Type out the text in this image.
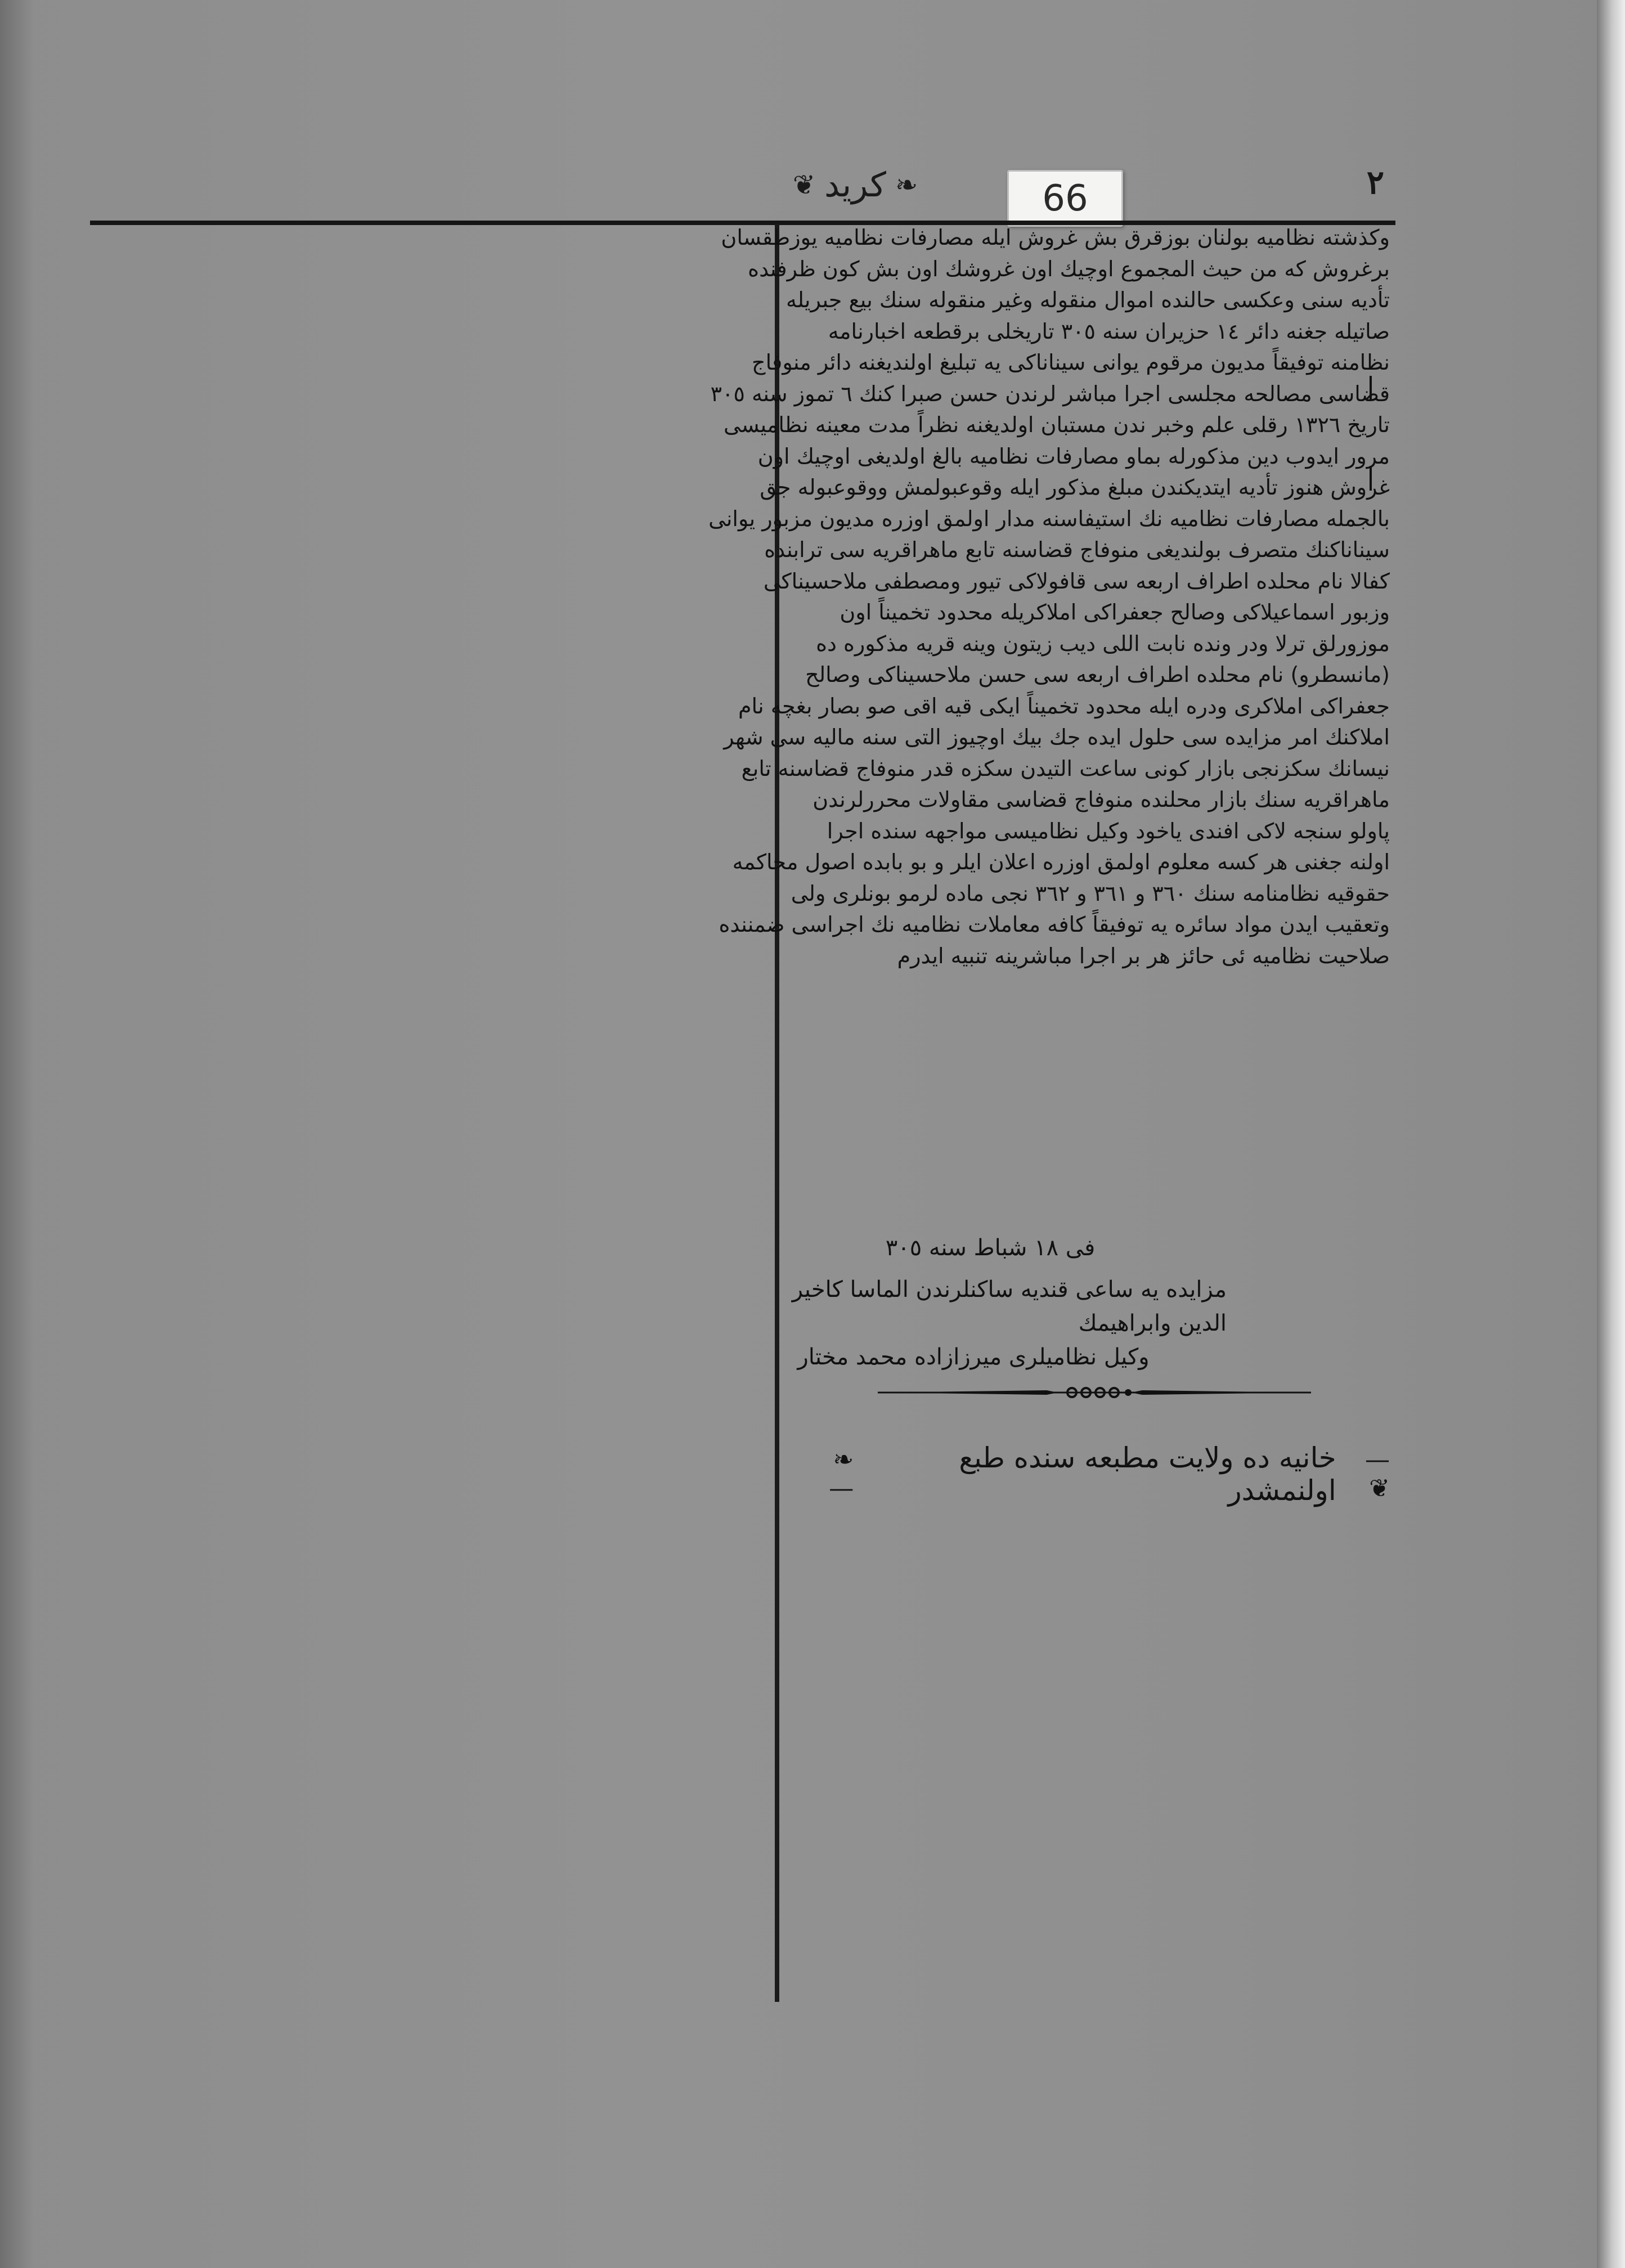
❦ كريد ❧	٢
66
وكذشته نظاميه بولنان بوزقرق بش غروش ايله مصارفات نظاميه يوزطقسان
برغروش كه من حيث المجموع اوچيك اون غروشك اون بش كون ظرفنده
تأديه سنى وعكسى حالنده اموال منقوله وغير منقوله سنك بيع جبريله
صاتيله جغنه دائر ١٤ حزيران سنه ٣٠٥ تاريخلى برقطعه اخبارنامه
نظامنه توفيقاً مديون مرقوم يوانى سيناناكى يه تبليغ اولنديغنه دائر منوفاج
قضاسى مصالحه مجلسى اجرا مباشر لرندن حسن صبرا كنك ٦ تموز سنه ٣٠٥
تاريخ ١٣٢٦ رقلى علم وخبر ندن مستبان اولديغنه نظراً مدت معينه نظاميسى
مرور ايدوب دين مذكورله بماو مصارفات نظاميه بالغ اولديغى اوچيك اون
غروش هنوز تأديه ايتديكندن مبلغ مذكور ايله وقوعبولمش ووقوعبوله جق
بالجمله مصارفات نظاميه نك استيفاسنه مدار اولمق اوزره مديون مزبور يوانى
سيناناكنك متصرف بولنديغى منوفاج قضاسنه تابع ماهراقريه سى ترابنده
كفالا نام محلده اطراف اربعه سى قافولاكى تيور ومصطفى ملاحسيناكى
وزبور اسماعيلاكى وصالح جعفراكى املاكريله محدود تخميناً اون
موزورلق ترلا ودر ونده نابت اللى ديب زيتون وينه قريه مذكوره ده
(مانسطرو) نام محلده اطراف اربعه سى حسن ملاحسيناكى وصالح
جعفراكى املاكرى ودره ايله محدود تخميناً ايكى قيه اقى صو بصار بغچه نام
املاكنك امر مزايده سى حلول ايده جك بيك اوچيوز التى سنه ماليه سى شهر
نيسانك سكزنجى بازار كونى ساعت التيدن سكزه قدر منوفاج قضاسنه تابع
ماهراقريه سنك بازار محلنده منوفاج قضاسى مقاولات محررلرندن
پاولو سنجه لاكى افندى ياخود وكيل نظاميسى مواجهه سنده اجرا
اولنه جغنى هر كسه معلوم اولمق اوزره اعلان ايلر و بو بابده اصول محاكمه
حقوقيه نظامنامه سنك ٣٦٠ و ٣٦١ و ٣٦٢ نجى ماده لرمو بونلرى ولى
وتعقيب ايدن مواد سائره يه توفيقاً كافه معاملات نظاميه نك اجراسى ضمننده
صلاحيت نظاميه ئى حائز هر بر اجرا مباشرينه تنبيه ايدرم
فى ١٨ شباط سنه ٣٠٥
مزايده يه ساعى قنديه ساكنلرندن الماسا كاخير الدين وابراهيمك
وكيل نظاميلرى ميرزازاده محمد مختار
—❦
خانيه ده ولايت مطبعه سنده طبع اولنمشدر
❧—
